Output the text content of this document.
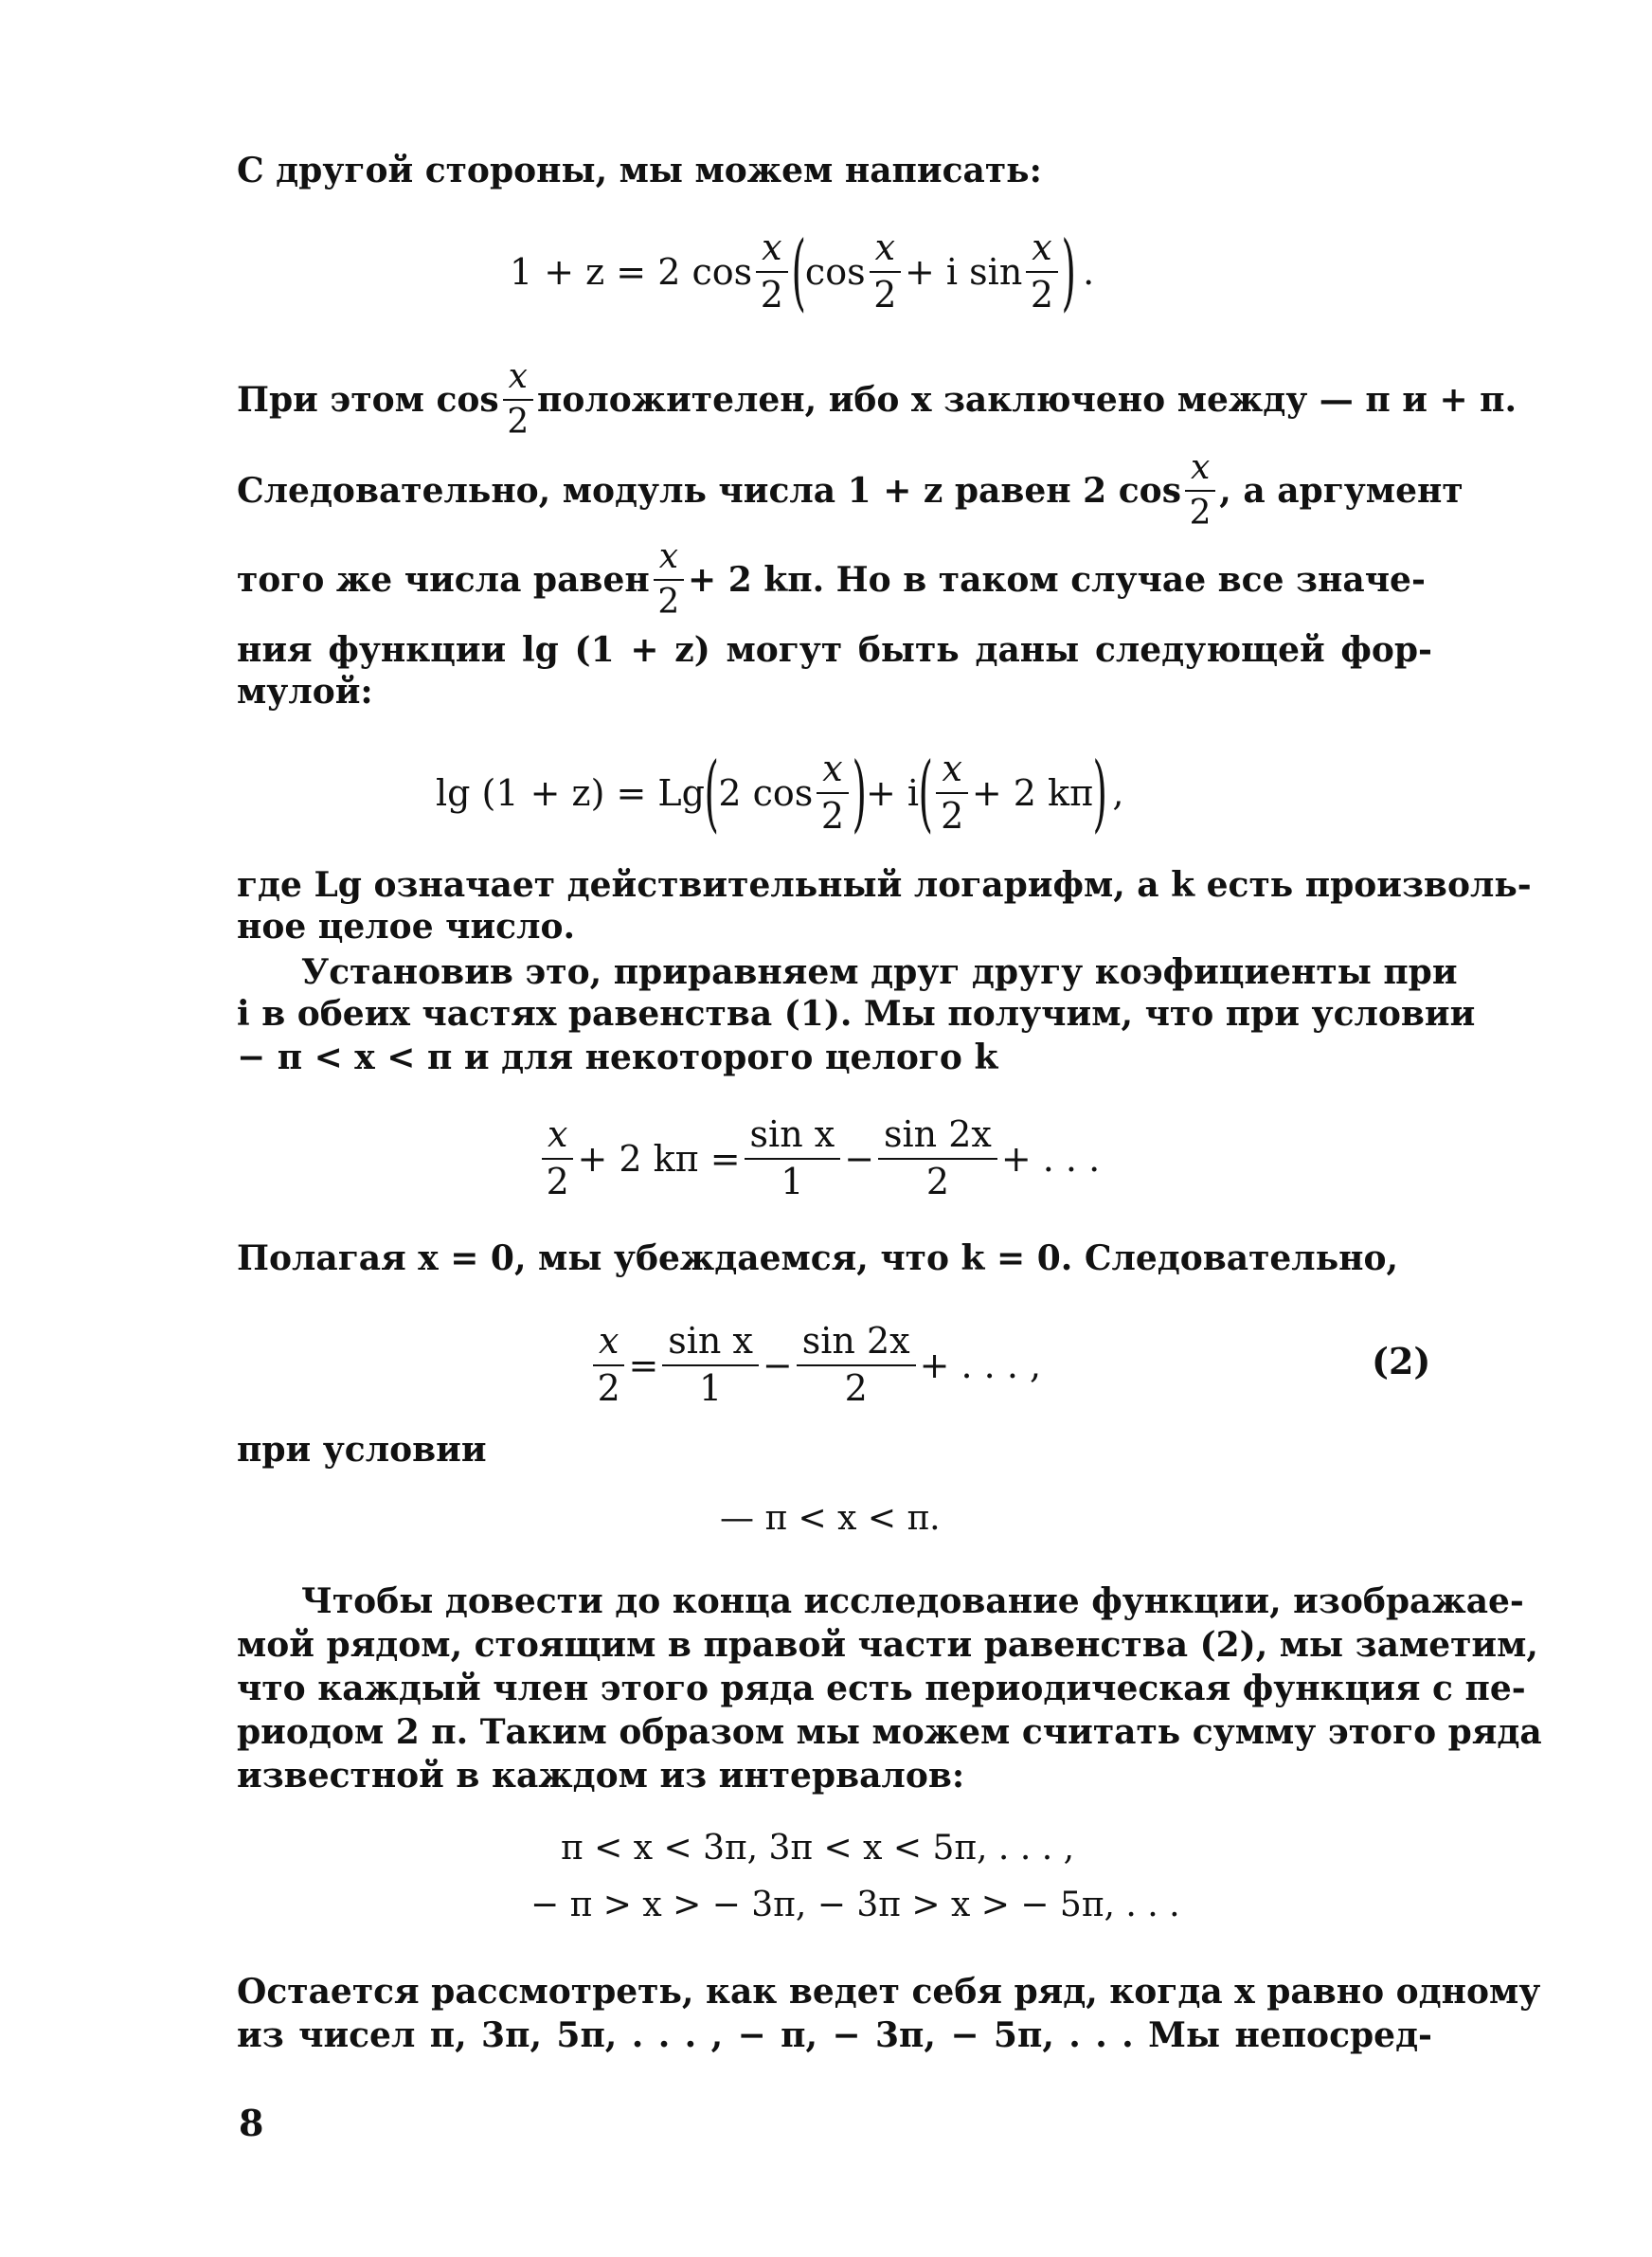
С другой стороны, мы можем написать:
1 + z = 2 cos
x
2 ( cos
x
2
+ i sin
x
2 ) .
При этом cos
x
2
положителен, ибо x заключено между — π и + π.
Следовательно, модуль числа 1 + z равен 2 cos
x
2
, а аргумент
того же числа равен
x
2
+ 2 kπ. Но в таком случае все значе-
ния функции lg (1 + z) могут быть даны следующей фор-
мулой:
lg (1 + z) = Lg ( 2 cos
x
2 ) + i ( x
2
+ 2 kπ ) ,
где Lg означает действительный логарифм, а k есть произволь-
ное целое число.
Установив это, приравняем друг другу коэфициенты при
i в обеих частях равенства (1). Мы получим, что при условии
− π < x < π и для некоторого целого k
x
2
+ 2 $k\pi = \frac{\text{sin x}}{1} - \frac{\sin 2x}{2}$ + . . .
Полагая x = 0, мы убеждаемся, что k = 0. Следовательно,
$\frac{x}{2} = \frac{\text{sin x}}{1} - \frac{\sin 2x}{2}$ + . . . ,	(2)
при условии
— π < x < π.
Чтобы довести до конца исследование функции, изображае-
мой рядом, стоящим в правой части равенства (2), мы заметим,
что каждый член этого ряда есть периодическая функция с пе-
риодом 2 π. Таким образом мы можем считать сумму этого ряда
известной в каждом из интервалов:
π < x < 3π, 3π < x < 5π, . . . ,
− π > x > − 3π, − 3π > x > − 5π, . . .
Остается рассмотреть, как ведет себя ряд, когда x равно одному
из чисел π, 3π, 5π, . . . , − π, − 3π, − 5π, . . . Мы непосред-
8
